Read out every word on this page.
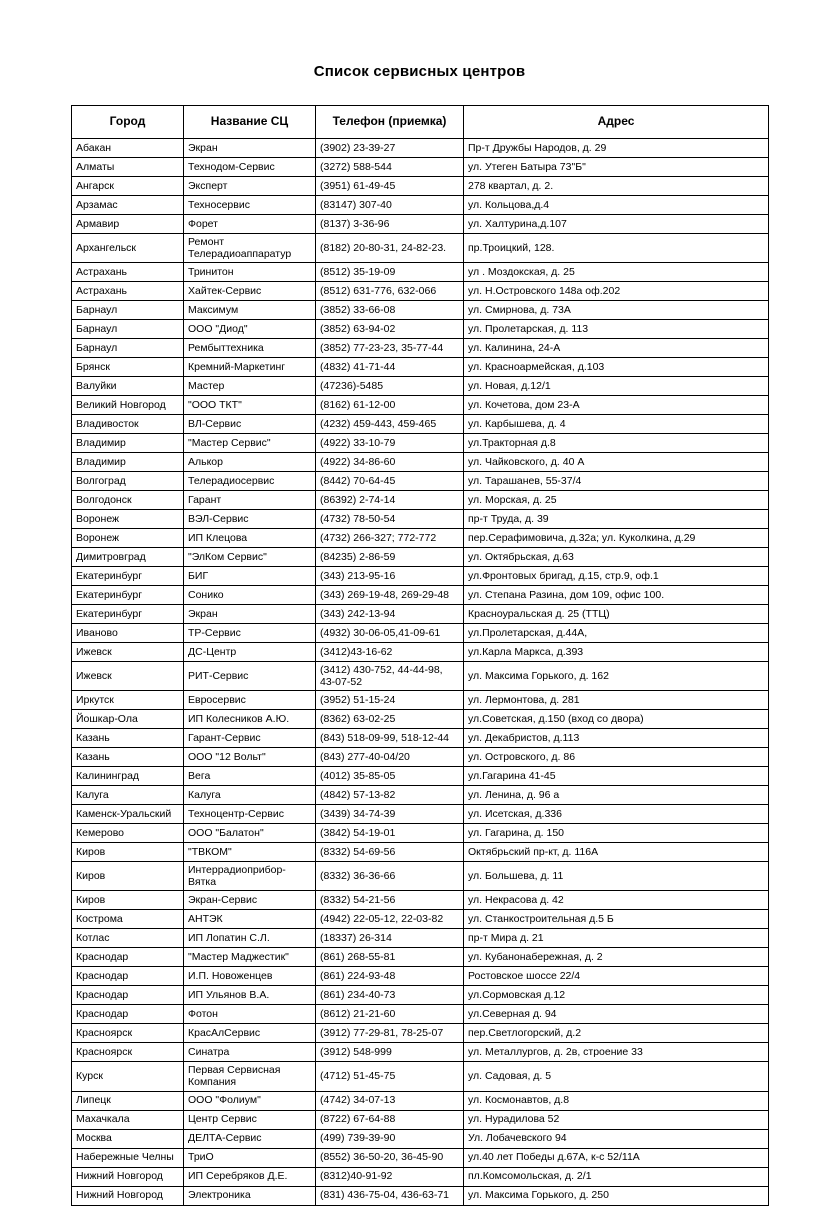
Список сервисных центров
Город	Название СЦ	Телефон (приемка)	Адрес
Абакан	Экран	(3902) 23-39-27	Пр-т Дружбы Народов, д. 29
Алматы	Технодом-Сервис	(3272) 588-544	ул. Утеген Батыра 73"Б"
Ангарск	Эксперт	(3951) 61-49-45	278 квартал, д. 2.
Арзамас	Техносервис	(83147) 307-40	ул. Кольцова,д.4
Армавир	Форет	(8137) 3-36-96	ул. Халтурина,д.107
Архангельск	Ремонт Телерадиоаппаратур	(8182) 20-80-31, 24-82-23.	пр.Троицкий, 128.
Астрахань	Тринитон	(8512) 35-19-09	ул . Моздокская, д. 25
Астрахань	Хайтек-Сервис	(8512) 631-776, 632-066	ул. Н.Островского 148а оф.202
Барнаул	Максимум	(3852) 33-66-08	ул. Смирнова, д. 73А
Барнаул	ООО "Диод"	(3852) 63-94-02	ул. Пролетарская, д. 113
Барнаул	Рембыттехника	(3852) 77-23-23, 35-77-44	ул. Калинина, 24-А
Брянск	Кремний-Маркетинг	(4832) 41-71-44	ул. Красноармейская, д.103
Валуйки	Мастер	(47236)-5485	ул. Новая, д.12/1
Великий Новгород	"ООО ТКТ"	(8162) 61-12-00	ул. Кочетова, дом 23-А
Владивосток	ВЛ-Сервис	(4232) 459-443, 459-465	ул. Карбышева, д. 4
Владимир	"Мастер Сервис"	(4922) 33-10-79	ул.Тракторная д.8
Владимир	Алькор	(4922) 34-86-60	ул. Чайковского, д. 40 А
Волгоград	Телерадиосервис	(8442) 70-64-45	ул. Тарашанев, 55-37/4
Волгодонск	Гарант	(86392) 2-74-14	ул. Морская, д. 25
Воронеж	ВЭЛ-Сервис	(4732) 78-50-54	пр-т Труда, д. 39
Воронеж	ИП Клецова	(4732) 266-327; 772-772	пер.Серафимовича, д.32а; ул. Куколкина, д.29
Димитровград	"ЭлКом Сервис"	(84235) 2-86-59	ул. Октябрьская, д.63
Екатеринбург	БИГ	(343) 213-95-16	ул.Фронтовых бригад, д.15, стр.9, оф.1
Екатеринбург	Сонико	(343) 269-19-48, 269-29-48	ул. Степана Разина, дом 109, офис 100.
Екатеринбург	Экран	(343) 242-13-94	Красноуральская д. 25 (ТТЦ)
Иваново	ТР-Сервис	(4932) 30-06-05,41-09-61	ул.Пролетарская, д.44А,
Ижевск	ДС-Центр	(3412)43-16-62	ул.Карла Маркса, д.393
Ижевск	РИТ-Сервис	(3412) 430-752, 44-44-98, 43-07-52	ул. Максима Горького, д. 162
Иркутск	Евросервис	(3952) 51-15-24	ул. Лермонтова, д. 281
Йошкар-Ола	ИП Колесников А.Ю.	(8362) 63-02-25	ул.Советская, д.150 (вход со двора)
Казань	Гарант-Сервис	(843) 518-09-99, 518-12-44	ул. Декабристов, д.113
Казань	ООО "12 Вольт"	(843) 277-40-04/20	ул. Островского, д. 86
Калининград	Вега	(4012) 35-85-05	ул.Гагарина 41-45
Калуга	Калуга	(4842) 57-13-82	ул. Ленина, д. 96 а
Каменск-Уральский	Техноцентр-Сервис	(3439) 34-74-39	ул. Исетская, д.336
Кемерово	ООО "Балатон"	(3842) 54-19-01	ул. Гагарина, д. 150
Киров	"ТВКОМ"	(8332) 54-69-56	Октябрьский пр-кт, д. 116А
Киров	Интеррадиоприбор-Вятка	(8332) 36-36-66	ул. Большева, д. 11
Киров	Экран-Сервис	(8332) 54-21-56	ул. Некрасова д. 42
Кострома	АНТЭК	(4942) 22-05-12, 22-03-82	ул. Станкостроительная д.5 Б
Котлас	ИП Лопатин С.Л.	(18337) 26-314	пр-т Мира д. 21
Краснодар	"Мастер Маджестик"	(861) 268-55-81	ул. Кубанонабережная, д. 2
Краснодар	И.П. Новоженцев	(861) 224-93-48	Ростовское шоссе 22/4
Краснодар	ИП Ульянов В.А.	(861) 234-40-73	ул.Сормовская д.12
Краснодар	Фотон	(8612) 21-21-60	ул.Северная д. 94
Красноярск	КрасАлСервис	(3912) 77-29-81, 78-25-07	пер.Светлогорский, д.2
Красноярск	Синатра	(3912) 548-999	ул. Металлургов, д. 2в, строение 33
Курск	Первая Сервисная Компания	(4712) 51-45-75	ул. Садовая, д. 5
Липецк	ООО "Фолиум"	(4742) 34-07-13	ул. Космонавтов, д.8
Махачкала	Центр Сервис	(8722) 67-64-88	ул. Нурадилова 52
Москва	ДЕЛТА-Сервис	(499) 739-39-90	Ул. Лобачевского 94
Набережные Челны	ТриО	(8552) 36-50-20, 36-45-90	ул.40 лет Победы д.67А, к-с 52/11А
Нижний Новгород	ИП Серебряков Д.Е.	(8312)40-91-92	пл.Комсомольская, д. 2/1
Нижний Новгород	Электроника	(831) 436-75-04, 436-63-71	ул. Максима Горького, д. 250
